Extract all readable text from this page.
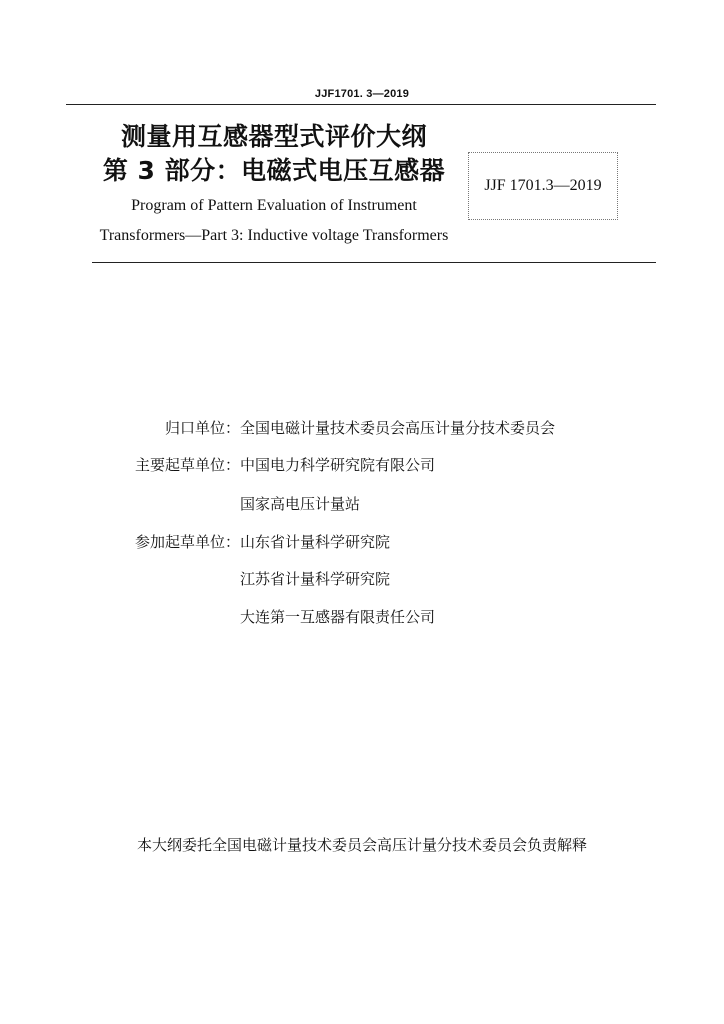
JJF1701. 3—2019
测量用互感器型式评价大纲
第 3 部分：电磁式电压互感器
Program of Pattern Evaluation of Instrument
Transformers—Part 3: Inductive voltage Transformers
JJF 1701.3—2019
归口单位： 全国电磁计量技术委员会高压计量分技术委员会
主要起草单位： 中国电力科学研究院有限公司
国家高电压计量站
参加起草单位： 山东省计量科学研究院
江苏省计量科学研究院
大连第一互感器有限责任公司
本大纲委托全国电磁计量技术委员会高压计量分技术委员会负责解释
